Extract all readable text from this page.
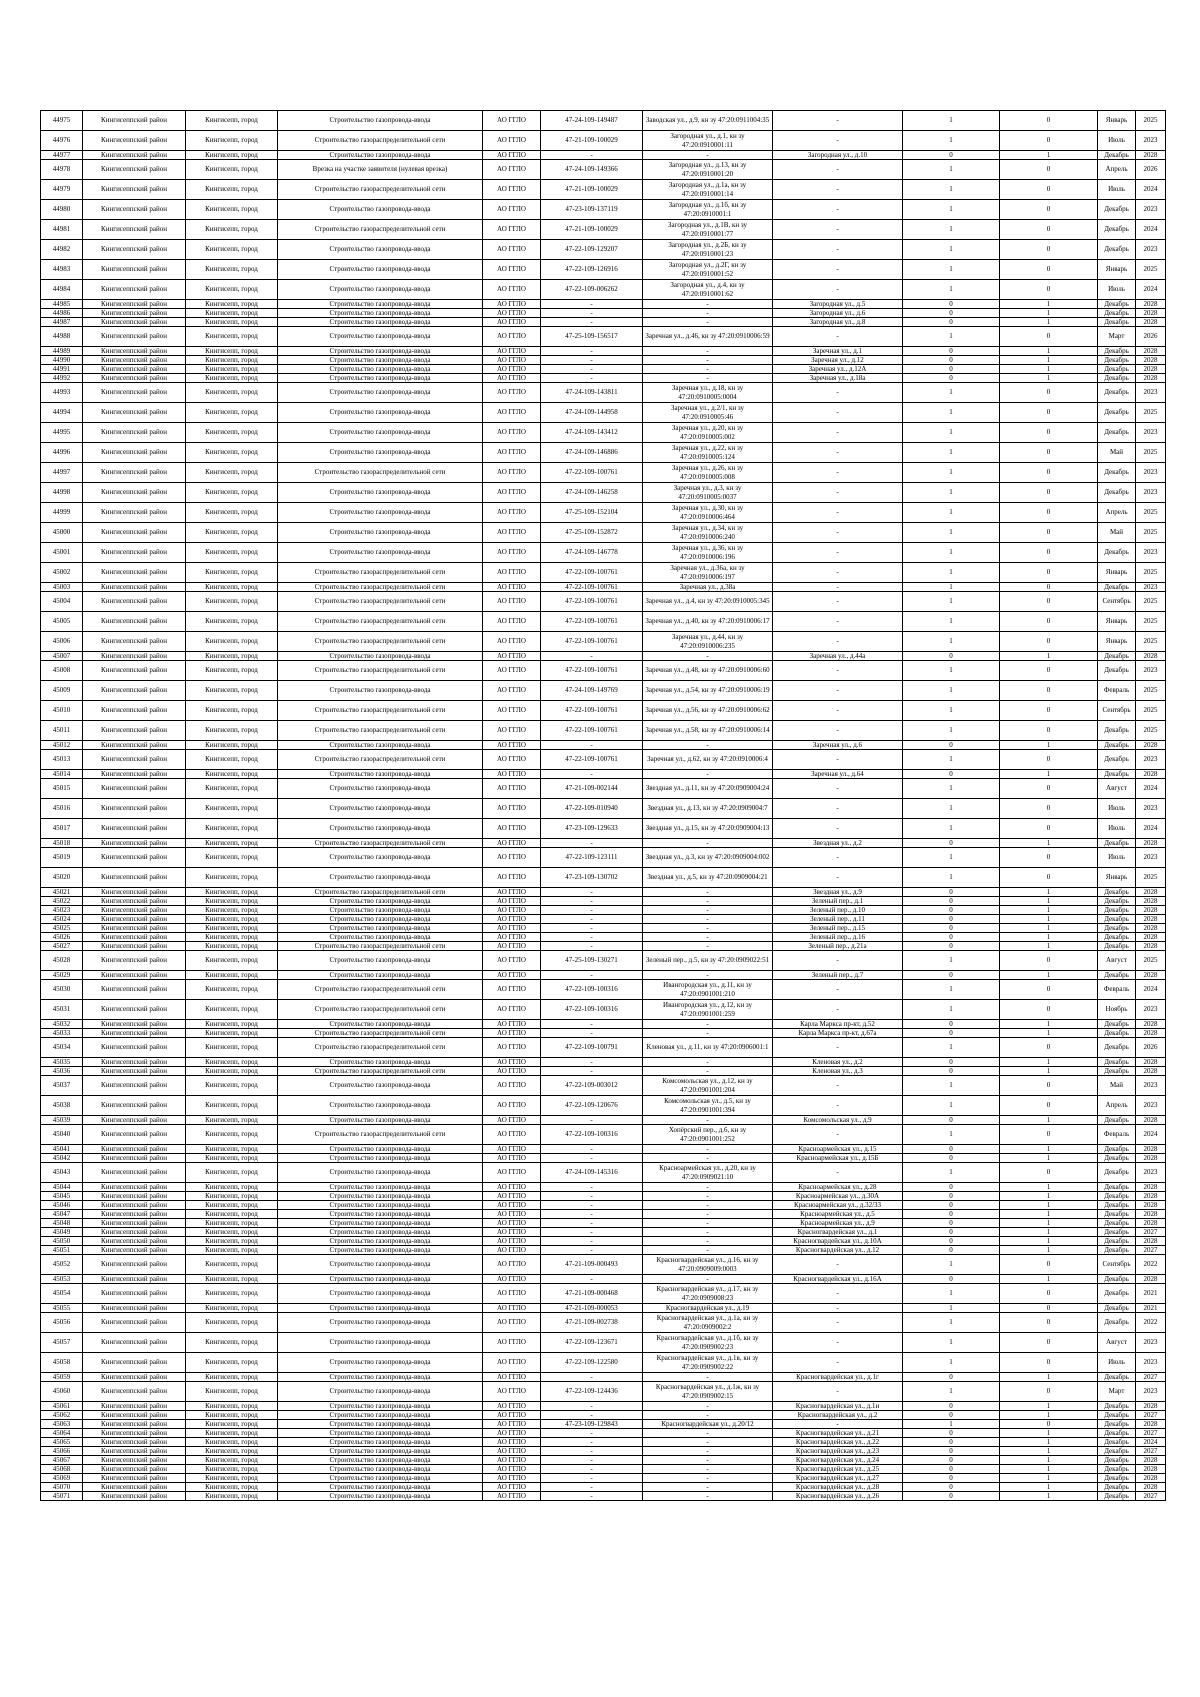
44975	Кингисеппский район	Кингисепп, город	Строительство газопровода-ввода	АО ГГЛО	47-24-109-149487	Заводская ул., д.9, кн зу 47:20:0911004:35	-	1	0	Январь	2025
44976	Кингисеппский район	Кингисепп, город	Строительство газораспределительной сети	АО ГГЛО	47-21-109-100029	Загородная ул., д.1, кн зу 47:20:0910001:11	-	1	0	Июль	2023
44977	Кингисеппский район	Кингисепп, город	Строительство газопровода-ввода	АО ГГЛО	-	-	Загородная ул., д.10	0	1	Декабрь	2028
44978	Кингисеппский район	Кингисепп, город	Врезка на участке заявителя (нулевая врезка)	АО ГГЛО	47-24-109-149366	Загородная ул., д.13, кн зу 47:20:0910001:20	-	1	0	Апрель	2026
44979	Кингисеппский район	Кингисепп, город	Строительство газораспределительной сети	АО ГГЛО	47-21-109-100029	Загородная ул., д.1а, кн зу 47:20:0910001:14	-	1	0	Июль	2024
44980	Кингисеппский район	Кингисепп, город	Строительство газопровода-ввода	АО ГГЛО	47-23-109-137119	Загородная ул., д.1б, кн зу 47:20:0910001:1	-	1	0	Декабрь	2023
44981	Кингисеппский район	Кингисепп, город	Строительство газораспределительной сети	АО ГГЛО	47-21-109-100029	Загородная ул., д.1В, кн зу 47:20:0910001:77	-	1	0	Декабрь	2024
44982	Кингисеппский район	Кингисепп, город	Строительство газопровода-ввода	АО ГГЛО	47-22-109-129207	Загородная ул., д.2Б, кн зу 47:20:0910001:23	-	1	0	Декабрь	2023
44983	Кингисеппский район	Кингисепп, город	Строительство газопровода-ввода	АО ГГЛО	47-22-109-126916	Загородная ул., д.2Г, кн зу 47:20:0910001:52	-	1	0	Январь	2025
44984	Кингисеппский район	Кингисепп, город	Строительство газопровода-ввода	АО ГГЛО	47-22-109-006262	Загородная ул., д.4, кн зу 47:20:0910001:62	-	1	0	Июль	2024
44985	Кингисеппский район	Кингисепп, город	Строительство газопровода-ввода	АО ГГЛО	-	-	Загородная ул., д.5	0	1	Декабрь	2028
44986	Кингисеппский район	Кингисепп, город	Строительство газопровода-ввода	АО ГГЛО	-	-	Загородная ул., д.6	0	1	Декабрь	2028
44987	Кингисеппский район	Кингисепп, город	Строительство газопровода-ввода	АО ГГЛО	-	-	Загородная ул., д.8	0	1	Декабрь	2028
44988	Кингисеппский район	Кингисепп, город	Строительство газопровода-ввода	АО ГГЛО	47-25-109-156517	Заречная ул., д.46, кн зу 47:20:0910006:59	-	1	0	Март	2026
44989	Кингисеппский район	Кингисепп, город	Строительство газопровода-ввода	АО ГГЛО	-	-	Заречная ул., д.1	0	1	Декабрь	2028
44990	Кингисеппский район	Кингисепп, город	Строительство газопровода-ввода	АО ГГЛО	-	-	Заречная ул., д.12	0	1	Декабрь	2028
44991	Кингисеппский район	Кингисепп, город	Строительство газопровода-ввода	АО ГГЛО	-	-	Заречная ул., д.12А	0	1	Декабрь	2028
44992	Кингисеппский район	Кингисепп, город	Строительство газопровода-ввода	АО ГГЛО	-	-	Заречная ул., д.18а	0	1	Декабрь	2028
44993	Кингисеппский район	Кингисепп, город	Строительство газопровода-ввода	АО ГГЛО	47-24-109-143811	Заречная ул., д.18, кн зу 47:20:0910005:0004	-	1	0	Декабрь	2023
44994	Кингисеппский район	Кингисепп, город	Строительство газопровода-ввода	АО ГГЛО	47-24-109-144958	Заречная ул., д.2/1, кн зу 47:20:0910005:46	-	1	0	Декабрь	2025
44995	Кингисеппский район	Кингисепп, город	Строительство газопровода-ввода	АО ГГЛО	47-24-109-143412	Заречная ул., д.20, кн зу 47:20:0910005:002	-	1	0	Декабрь	2023
44996	Кингисеппский район	Кингисепп, город	Строительство газопровода-ввода	АО ГГЛО	47-24-109-146886	Заречная ул., д.22, кн зу 47:20:0910005:124	-	1	0	Май	2025
44997	Кингисеппский район	Кингисепп, город	Строительство газораспределительной сети	АО ГГЛО	47-22-109-100761	Заречная ул., д.26, кн зу 47:20:0910005:008	-	1	0	Декабрь	2023
44998	Кингисеппский район	Кингисепп, город	Строительство газопровода-ввода	АО ГГЛО	47-24-109-146258	Заречная ул., д.3, кн зу 47:20:0910005:0037	-	1	0	Декабрь	2023
44999	Кингисеппский район	Кингисепп, город	Строительство газопровода-ввода	АО ГГЛО	47-25-109-152104	Заречная ул., д.30, кн зу 47:20:0910006:464	-	1	0	Апрель	2025
45000	Кингисеппский район	Кингисепп, город	Строительство газопровода-ввода	АО ГГЛО	47-25-109-152872	Заречная ул., д.34, кн зу 47:20:0910006:240	-	1	0	Май	2025
45001	Кингисеппский район	Кингисепп, город	Строительство газопровода-ввода	АО ГГЛО	47-24-109-146778	Заречная ул., д.36, кн зу 47:20:0910006:196	-	1	0	Декабрь	2023
45002	Кингисеппский район	Кингисепп, город	Строительство газораспределительной сети	АО ГГЛО	47-22-109-100761	Заречная ул., д.36а, кн зу 47:20:0910006:197	-	1	0	Январь	2025
45003	Кингисеппский район	Кингисепп, город	Строительство газораспределительной сети	АО ГГЛО	47-22-109-100761	Заречная ул., д.38а	-	1	0	Декабрь	2023
45004	Кингисеппский район	Кингисепп, город	Строительство газораспределительной сети	АО ГГЛО	47-22-109-100761	Заречная ул., д.4, кн зу 47:20:0910005:345	-	1	0	Сентябрь	2025
45005	Кингисеппский район	Кингисепп, город	Строительство газораспределительной сети	АО ГГЛО	47-22-109-100761	Заречная ул., д.40, кн зу 47:20:0910006:17	-	1	0	Январь	2025
45006	Кингисеппский район	Кингисепп, город	Строительство газораспределительной сети	АО ГГЛО	47-22-109-100761	Заречная ул., д.44, кн зу 47:20:0910006:235	-	1	0	Январь	2025
45007	Кингисеппский район	Кингисепп, город	Строительство газопровода-ввода	АО ГГЛО	-	-	Заречная ул., д.44а	0	1	Декабрь	2028
45008	Кингисеппский район	Кингисепп, город	Строительство газораспределительной сети	АО ГГЛО	47-22-109-100761	Заречная ул., д.48, кн зу 47:20:0910006:60	-	1	0	Декабрь	2023
45009	Кингисеппский район	Кингисепп, город	Строительство газопровода-ввода	АО ГГЛО	47-24-109-149769	Заречная ул., д.54, кн зу 47:20:0910006:19	-	1	0	Февраль	2025
45010	Кингисеппский район	Кингисепп, город	Строительство газораспределительной сети	АО ГГЛО	47-22-109-100761	Заречная ул., д.56, кн зу 47:20:0910006:62	-	1	0	Сентябрь	2025
45011	Кингисеппский район	Кингисепп, город	Строительство газораспределительной сети	АО ГГЛО	47-22-109-100761	Заречная ул., д.58, кн зу 47:20:0910006:14	-	1	0	Декабрь	2025
45012	Кингисеппский район	Кингисепп, город	Строительство газопровода-ввода	АО ГГЛО	-	-	Заречная ул., д.6	0	1	Декабрь	2028
45013	Кингисеппский район	Кингисепп, город	Строительство газораспределительной сети	АО ГГЛО	47-22-109-100761	Заречная ул., д.62, кн зу 47:20:0910006:4	-	1	0	Декабрь	2023
45014	Кингисеппский район	Кингисепп, город	Строительство газопровода-ввода	АО ГГЛО	-	-	Заречная ул., д.64	0	1	Декабрь	2028
45015	Кингисеппский район	Кингисепп, город	Строительство газопровода-ввода	АО ГГЛО	47-21-109-002144	Звездная ул., д.11, кн зу 47:20:0909004:24	-	1	0	Август	2024
45016	Кингисеппский район	Кингисепп, город	Строительство газопровода-ввода	АО ГГЛО	47-22-109-010940	Звездная ул., д.13, кн зу 47:20:0909004:7	-	1	0	Июль	2023
45017	Кингисеппский район	Кингисепп, город	Строительство газопровода-ввода	АО ГГЛО	47-23-109-129633	Звездная ул., д.15, кн зу 47:20:0909004:13	-	1	0	Июль	2024
45018	Кингисеппский район	Кингисепп, город	Строительство газораспределительной сети	АО ГГЛО	-	-	Звездная ул., д.2	0	1	Декабрь	2028
45019	Кингисеппский район	Кингисепп, город	Строительство газопровода-ввода	АО ГГЛО	47-22-109-123111	Звездная ул., д.3, кн зу 47:20:0909004:002	-	1	0	Июль	2023
45020	Кингисеппский район	Кингисепп, город	Строительство газопровода-ввода	АО ГГЛО	47-23-109-130702	Звездная ул., д.5, кн зу 47:20:0909004:21	-	1	0	Январь	2025
45021	Кингисеппский район	Кингисепп, город	Строительство газораспределительной сети	АО ГГЛО	-	-	Звездная ул., д.9	0	1	Декабрь	2028
45022	Кингисеппский район	Кингисепп, город	Строительство газопровода-ввода	АО ГГЛО	-	-	Зеленый пер., д.1	0	1	Декабрь	2028
45023	Кингисеппский район	Кингисепп, город	Строительство газопровода-ввода	АО ГГЛО	-	-	Зеленый пер., д.10	0	1	Декабрь	2028
45024	Кингисеппский район	Кингисепп, город	Строительство газопровода-ввода	АО ГГЛО	-	-	Зеленый пер., д.11	0	1	Декабрь	2028
45025	Кингисеппский район	Кингисепп, город	Строительство газопровода-ввода	АО ГГЛО	-	-	Зеленый пер., д.15	0	1	Декабрь	2028
45026	Кингисеппский район	Кингисепп, город	Строительство газопровода-ввода	АО ГГЛО	-	-	Зеленый пер., д.16	0	1	Декабрь	2028
45027	Кингисеппский район	Кингисепп, город	Строительство газораспределительной сети	АО ГГЛО	-	-	Зеленый пер., д.21а	0	1	Декабрь	2028
45028	Кингисеппский район	Кингисепп, город	Строительство газопровода-ввода	АО ГГЛО	47-25-109-130271	Зеленый пер., д.5, кн зу 47:20:0909022:51	-	1	0	Август	2025
45029	Кингисеппский район	Кингисепп, город	Строительство газопровода-ввода	АО ГГЛО	-	-	Зеленый пер., д.7	0	1	Декабрь	2028
45030	Кингисеппский район	Кингисепп, город	Строительство газораспределительной сети	АО ГГЛО	47-22-109-100316	Ивангородская ул., д.11, кн зу 47:20:0901001:210	-	1	0	Февраль	2024
45031	Кингисеппский район	Кингисепп, город	Строительство газораспределительной сети	АО ГГЛО	47-22-109-100316	Ивангородская ул., д.12, кн зу 47:20:0901001:259	-	1	0	Ноябрь	2023
45032	Кингисеппский район	Кингисепп, город	Строительство газопровода-ввода	АО ГГЛО	-	-	Карла Маркса пр-кт, д.52	0	1	Декабрь	2028
45033	Кингисеппский район	Кингисепп, город	Строительство газораспределительной сети	АО ГГЛО	-	-	Карла Маркса пр-кт, д.67а	0	1	Декабрь	2028
45034	Кингисеппский район	Кингисепп, город	Строительство газораспределительной сети	АО ГГЛО	47-22-109-100791	Кленовая ул., д.11, кн зу 47:20:0906001:1	-	1	0	Декабрь	2026
45035	Кингисеппский район	Кингисепп, город	Строительство газопровода-ввода	АО ГГЛО	-	-	Кленовая ул., д.2	0	1	Декабрь	2028
45036	Кингисеппский район	Кингисепп, город	Строительство газораспределительной сети	АО ГГЛО	-	-	Кленовая ул., д.3	0	1	Декабрь	2028
45037	Кингисеппский район	Кингисепп, город	Строительство газопровода-ввода	АО ГГЛО	47-22-109-003012	Комсомольская ул., д.12, кн зу 47:20:0901001:204	-	1	0	Май	2023
45038	Кингисеппский район	Кингисепп, город	Строительство газопровода-ввода	АО ГГЛО	47-22-109-120676	Комсомольская ул., д.5, кн зу 47:20:0901001:394	-	1	0	Апрель	2023
45039	Кингисеппский район	Кингисепп, город	Строительство газопровода-ввода	АО ГГЛО	-	-	Комсомольская ул., д.9	0	1	Декабрь	2028
45040	Кингисеппский район	Кингисепп, город	Строительство газораспределительной сети	АО ГГЛО	47-22-109-100316	Хопёрский пер., д.6, кн зу 47:20:0901001:252	-	1	0	Февраль	2024
45041	Кингисеппский район	Кингисепп, город	Строительство газопровода-ввода	АО ГГЛО	-	-	Красноармейская ул., д.15	0	1	Декабрь	2028
45042	Кингисеппский район	Кингисепп, город	Строительство газопровода-ввода	АО ГГЛО	-	-	Красноармейская ул., д.15Б	0	1	Декабрь	2028
45043	Кингисеппский район	Кингисепп, город	Строительство газопровода-ввода	АО ГГЛО	47-24-109-145316	Красноармейская ул., д.20, кн зу 47:20:0909021:10	-	1	0	Декабрь	2023
45044	Кингисеппский район	Кингисепп, город	Строительство газопровода-ввода	АО ГГЛО	-	-	Красноармейская ул., д.28	0	1	Декабрь	2028
45045	Кингисеппский район	Кингисепп, город	Строительство газопровода-ввода	АО ГГЛО	-	-	Красноармейская ул., д.30А	0	1	Декабрь	2028
45046	Кингисеппский район	Кингисепп, город	Строительство газопровода-ввода	АО ГГЛО	-	-	Красноармейская ул., д.32/33	0	1	Декабрь	2028
45047	Кингисеппский район	Кингисепп, город	Строительство газопровода-ввода	АО ГГЛО	-	-	Красноармейская ул., д.5	0	1	Декабрь	2028
45048	Кингисеппский район	Кингисепп, город	Строительство газопровода-ввода	АО ГГЛО	-	-	Красноармейская ул., д.9	0	1	Декабрь	2028
45049	Кингисеппский район	Кингисепп, город	Строительство газопровода-ввода	АО ГГЛО	-	-	Красногвардейская ул., д.1	0	1	Декабрь	2027
45050	Кингисеппский район	Кингисепп, город	Строительство газопровода-ввода	АО ГГЛО	-	-	Красногвардейская ул., д.10А	0	1	Декабрь	2028
45051	Кингисеппский район	Кингисепп, город	Строительство газопровода-ввода	АО ГГЛО	-	-	Красногвардейская ул., д.12	0	1	Декабрь	2027
45052	Кингисеппский район	Кингисепп, город	Строительство газопровода-ввода	АО ГГЛО	47-21-109-000493	Красногвардейская ул., д.16, кн зу 47:20:0909009:0003	-	1	0	Сентябрь	2022
45053	Кингисеппский район	Кингисепп, город	Строительство газопровода-ввода	АО ГГЛО	-	-	Красногвардейская ул., д.16А	0	1	Декабрь	2028
45054	Кингисеппский район	Кингисепп, город	Строительство газопровода-ввода	АО ГГЛО	47-21-109-000468	Красногвардейская ул., д.17, кн зу 47:20:0909008:23	-	1	0	Декабрь	2021
45055	Кингисеппский район	Кингисепп, город	Строительство газопровода-ввода	АО ГГЛО	47-21-109-000053	Красногвардейская ул., д.19	-	1	0	Декабрь	2021
45056	Кингисеппский район	Кингисепп, город	Строительство газопровода-ввода	АО ГГЛО	47-21-109-002738	Красногвардейская ул., д.1а, кн зу 47:20:0909002:2	-	1	0	Декабрь	2022
45057	Кингисеппский район	Кингисепп, город	Строительство газопровода-ввода	АО ГГЛО	47-22-109-123671	Красногвардейская ул., д.1б, кн зу 47:20:0909002:23	-	1	0	Август	2023
45058	Кингисеппский район	Кингисепп, город	Строительство газопровода-ввода	АО ГГЛО	47-22-109-122580	Красногвардейская ул., д.1в, кн зу 47:20:0909002:22	-	1	0	Июль	2023
45059	Кингисеппский район	Кингисепп, город	Строительство газопровода-ввода	АО ГГЛО	-	-	Красногвардейская ул., д.1г	0	1	Декабрь	2027
45060	Кингисеппский район	Кингисепп, город	Строительство газопровода-ввода	АО ГГЛО	47-22-109-124436	Красногвардейская ул., д.1ж, кн зу 47:20:0909002:15	-	1	0	Март	2023
45061	Кингисеппский район	Кингисепп, город	Строительство газопровода-ввода	АО ГГЛО	-	-	Красногвардейская ул., д.1и	0	1	Декабрь	2028
45062	Кингисеппский район	Кингисепп, город	Строительство газопровода-ввода	АО ГГЛО	-	-	Красногвардейская ул., д.2	0	1	Декабрь	2027
45063	Кингисеппский район	Кингисепп, город	Строительство газопровода-ввода	АО ГГЛО	47-23-109-129843	Красногвардейская ул., д.20/12	-	1	0	Декабрь	2028
45064	Кингисеппский район	Кингисепп, город	Строительство газопровода-ввода	АО ГГЛО	-	-	Красногвардейская ул., д.21	0	1	Декабрь	2027
45065	Кингисеппский район	Кингисепп, город	Строительство газопровода-ввода	АО ГГЛО	-	-	Красногвардейская ул., д.22	0	1	Декабрь	2024
45066	Кингисеппский район	Кингисепп, город	Строительство газопровода-ввода	АО ГГЛО	-	-	Красногвардейская ул., д.23	0	1	Декабрь	2027
45067	Кингисеппский район	Кингисепп, город	Строительство газопровода-ввода	АО ГГЛО	-	-	Красногвардейская ул., д.24	0	1	Декабрь	2028
45068	Кингисеппский район	Кингисепп, город	Строительство газопровода-ввода	АО ГГЛО	-	-	Красногвардейская ул., д.25	0	1	Декабрь	2028
45069	Кингисеппский район	Кингисепп, город	Строительство газопровода-ввода	АО ГГЛО	-	-	Красногвардейская ул., д.27	0	1	Декабрь	2028
45070	Кингисеппский район	Кингисепп, город	Строительство газопровода-ввода	АО ГГЛО	-	-	Красногвардейская ул., д.28	0	1	Декабрь	2028
45071	Кингисеппский район	Кингисепп, город	Строительство газопровода-ввода	АО ГГЛО	-	-	Красногвардейская ул., д.26	0	1	Декабрь	2027
